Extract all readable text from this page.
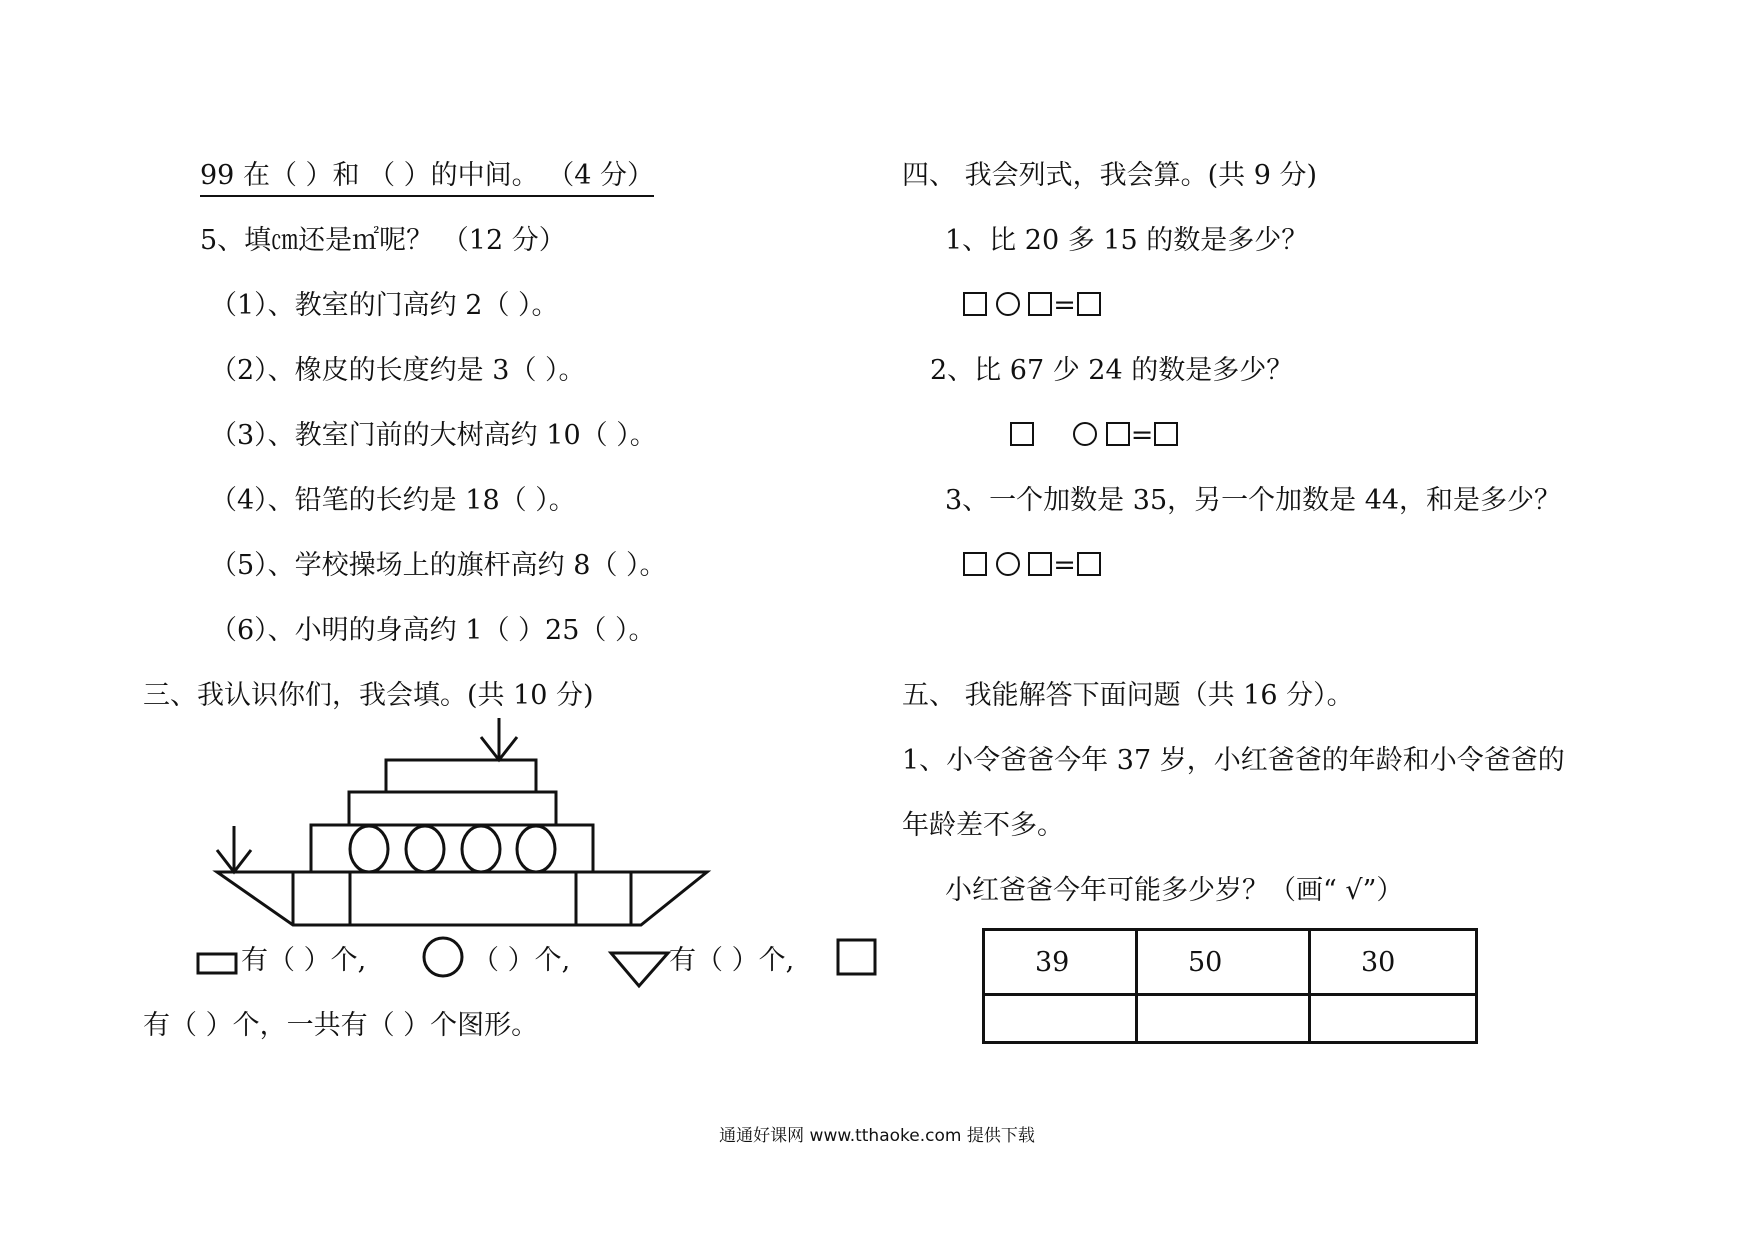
99 在（ ）和 （ ）的中间。 （4 分）
5、填㎝还是㎡呢？ （12 分）
（1）、教室的门高约 2（ ）。
（2）、橡皮的长度约是 3（ ）。
（3）、教室门前的大树高约 10（ ）。
（4）、铅笔的长约是 18（ ）。
（5）、学校操场上的旗杆高约 8（ ）。
（6）、小明的身高约 1（ ）25（ ）。
三、我认识你们，我会填。(共 10 分)
有（ ）个,	（ ）个,	有（ ）个,
有（ ）个，一共有（ ）个图形。
四、 我会列式，我会算。(共 9 分)
1、比 20 多 15 的数是多少？
=
2、比 67 少 24 的数是多少？
=
3、一个加数是 35，另一个加数是 44，和是多少？
=
五、 我能解答下面问题（共 16 分）。
1、小令爸爸今年 37 岁，小红爸爸的年龄和小令爸爸的
年龄差不多。
小红爸爸今年可能多少岁？（画“ √”）
39	50	30

通通好课网 www.tthaoke.com 提供下载
